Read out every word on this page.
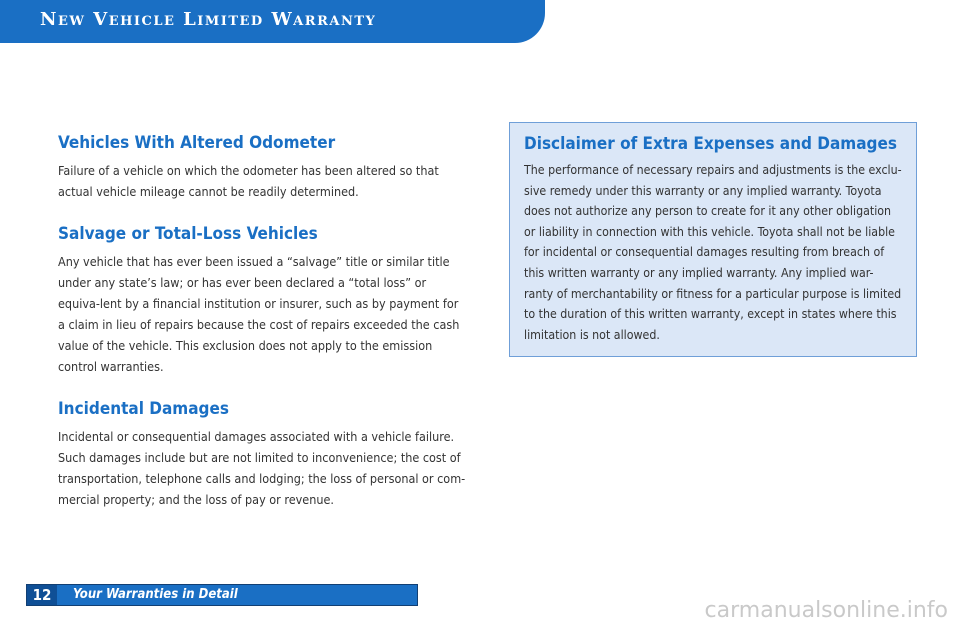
New Vehicle Limited Warranty
Vehicles With Altered Odometer

Failure of a vehicle on which the odometer has been altered so that actual vehicle mileage cannot be readily determined.

Salvage or Total-Loss Vehicles

Any vehicle that has ever been issued a “salvage” title or similar title under any state’s law; or has ever been declared a “total loss” or equiva-lent by a financial institution or insurer, such as by payment for a claim in lieu of repairs because the cost of repairs exceeded the cash value of the vehicle. This exclusion does not apply to the emission control warranties.

Incidental Damages

Incidental or consequential damages associated with a vehicle failure. Such damages include but are not limited to inconvenience; the cost of transportation, telephone calls and lodging; the loss of personal or com-mercial property; and the loss of pay or revenue.

Disclaimer of Extra Expenses and Damages

The performance of necessary repairs and adjustments is the exclu-sive remedy under this warranty or any implied warranty. Toyota does not authorize any person to create for it any other obligation or liability in connection with this vehicle. Toyota shall not be liable for incidental or consequential damages resulting from breach of this written warranty or any implied warranty. Any implied war-ranty of merchantability or fitness for a particular purpose is limited to the duration of this written warranty, except in states where this limitation is not allowed.

12	Your Warranties in Detail
carmanualsonline.info
